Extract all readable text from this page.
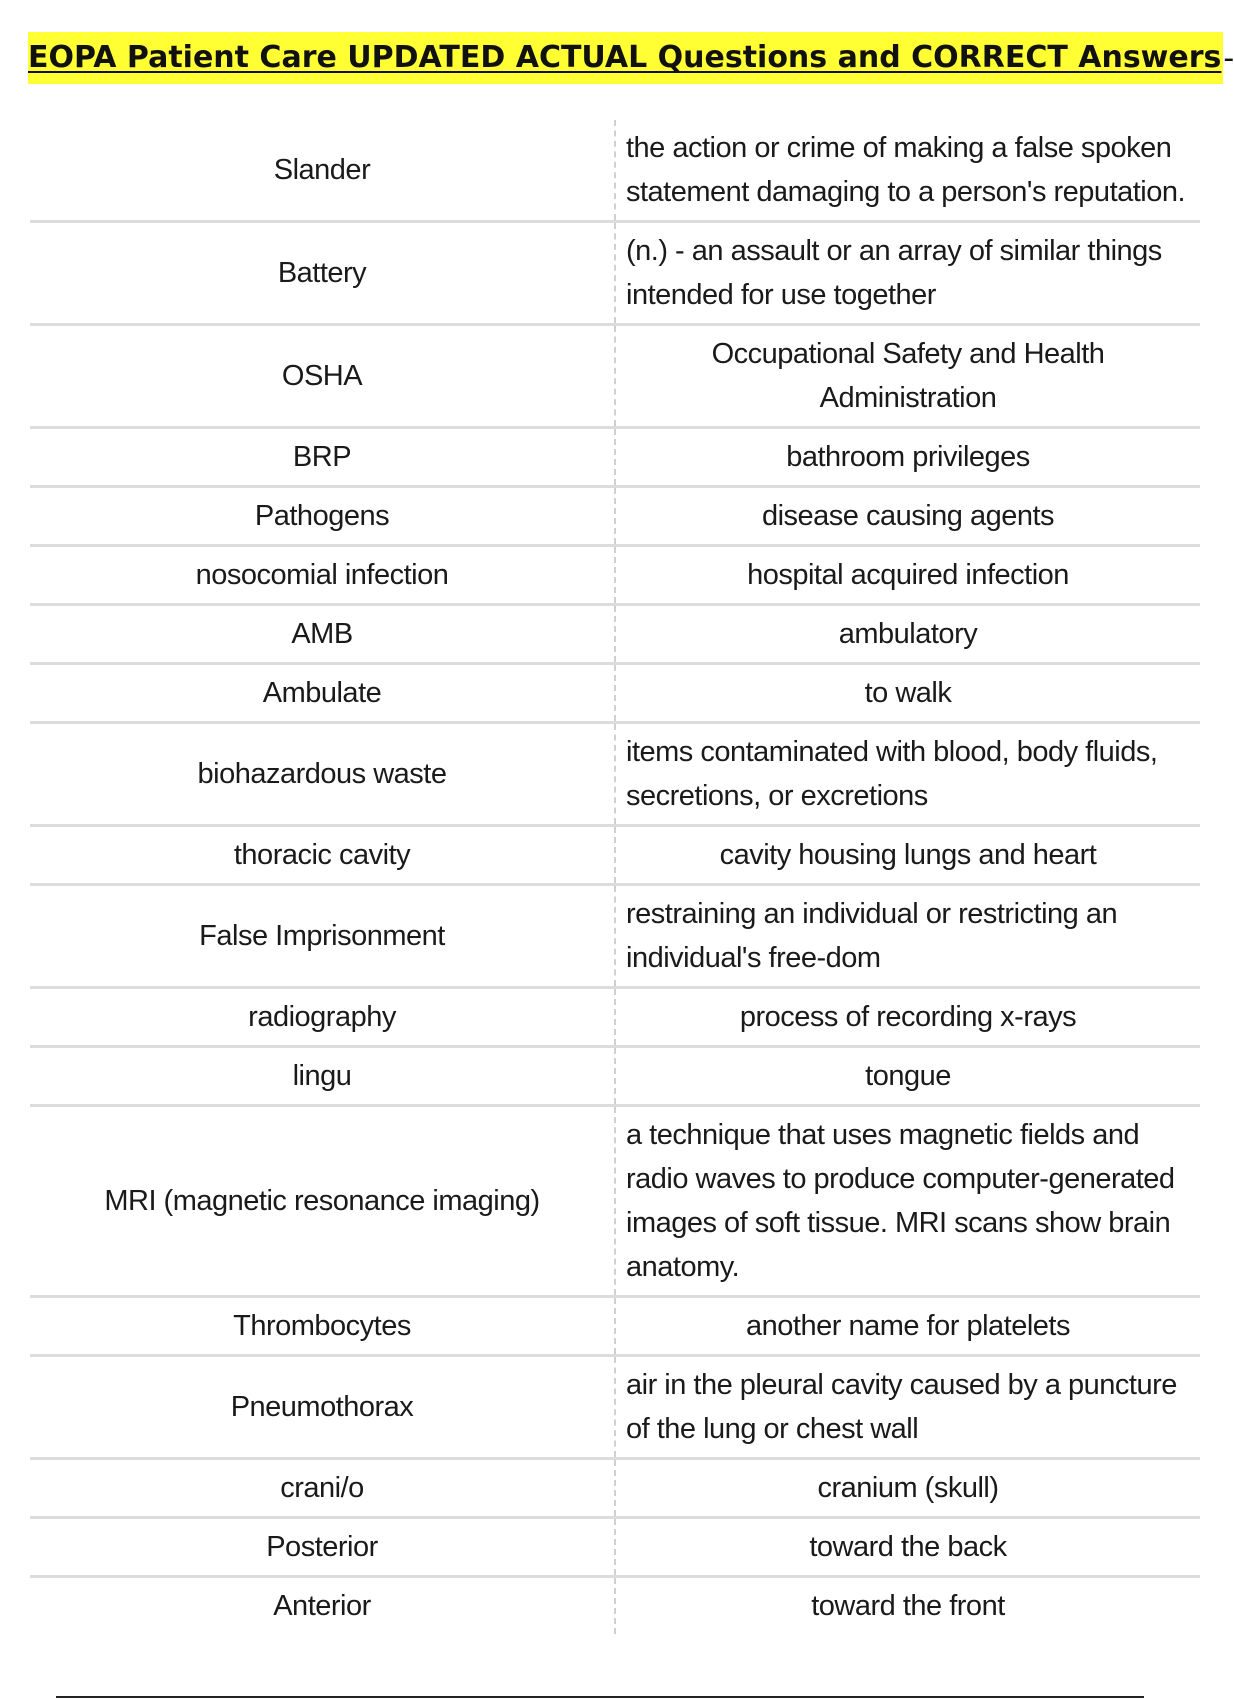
EOPA Patient Care UPDATED ACTUAL Questions and CORRECT Answers -
Slander	the action or crime of making a false spoken statement damaging to a person's reputation.
Battery	(n.) - an assault or an array of similar things intended for use together
OSHA	Occupational Safety and Health Administration
BRP	bathroom privileges
Pathogens	disease causing agents
nosocomial infection	hospital acquired infection
AMB	ambulatory
Ambulate	to walk
biohazardous waste	items contaminated with blood, body fluids, secretions, or excretions
thoracic cavity	cavity housing lungs and heart
False Imprisonment	restraining an individual or restricting an individual's free-dom
radiography	process of recording x-rays
lingu	tongue
MRI (magnetic resonance imaging)	a technique that uses magnetic fields and radio waves to produce computer-generated images of soft tissue. MRI scans show brain anatomy.
Thrombocytes	another name for platelets
Pneumothorax	air in the pleural cavity caused by a puncture of the lung or chest wall
crani/o	cranium (skull)
Posterior	toward the back
Anterior	toward the front
